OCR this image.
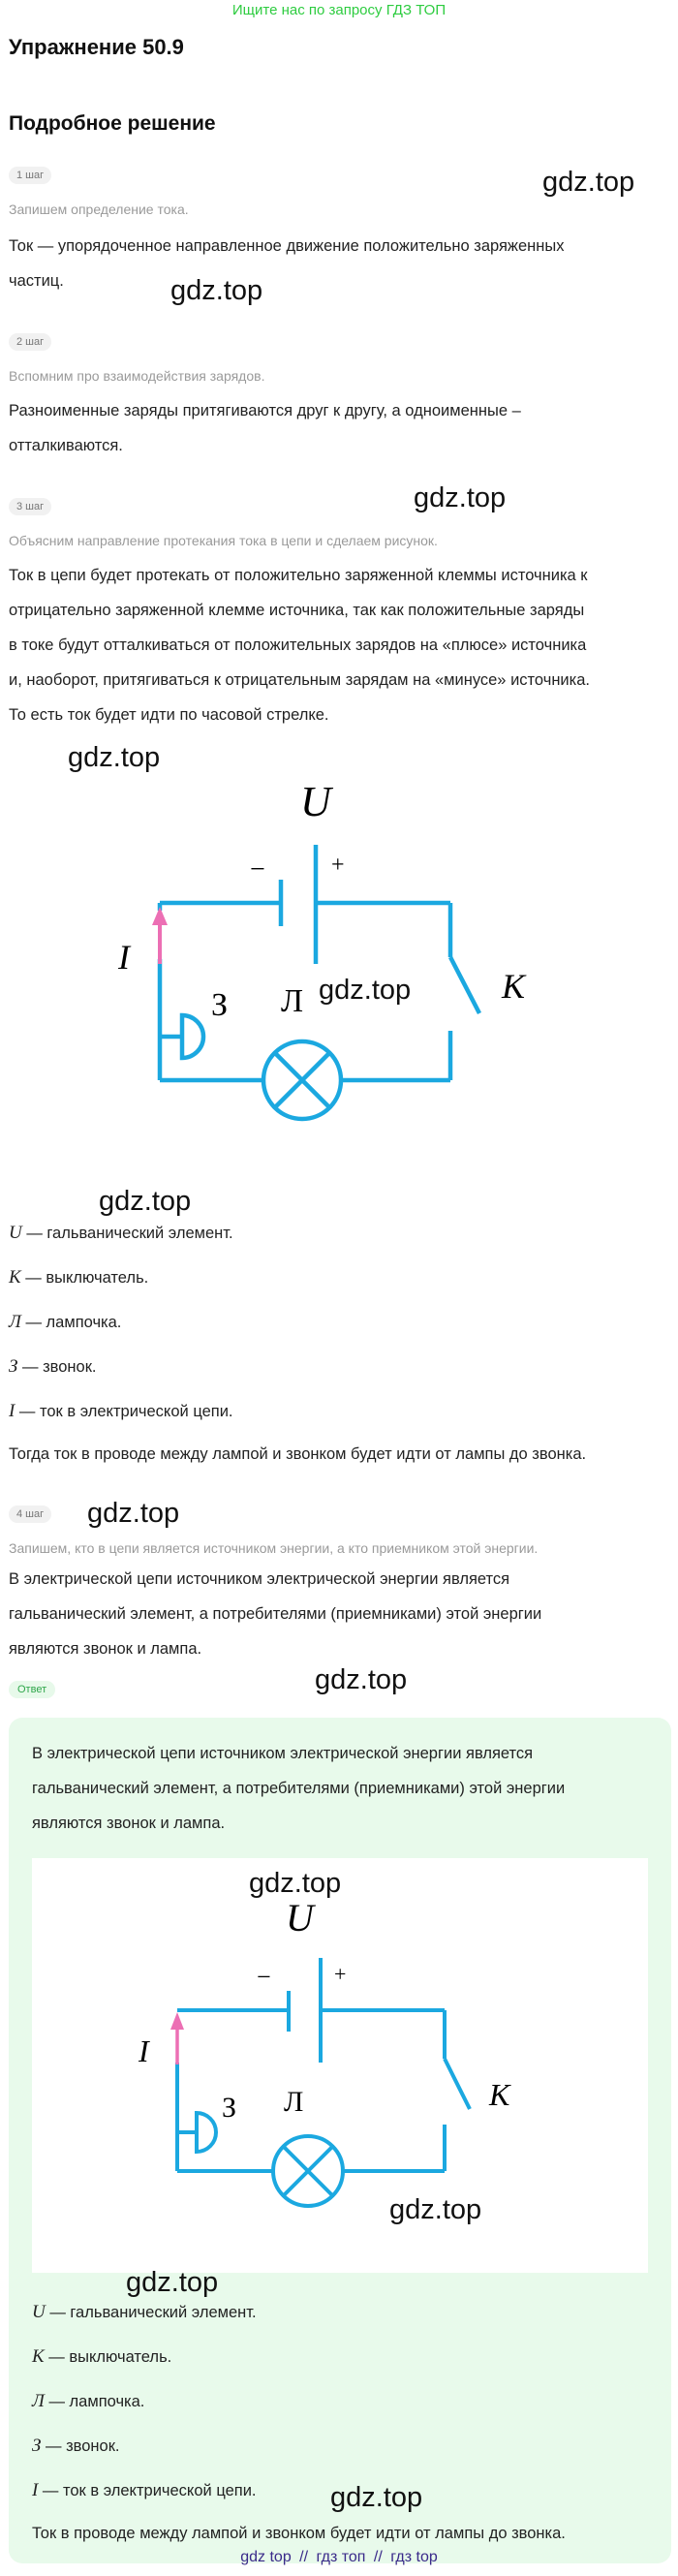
Ищите нас по запросу ГДЗ ТОП
Упражнение 50.9
Подробное решение
1 шаг
Запишем определение тока.
Ток — упорядоченное направленное движение положительно заряженных
частиц.
2 шаг
Вспомним про взаимодействия зарядов.
Разноименные заряды притягиваются друг к другу, а одноименные –
отталкиваются.
3 шаг
Объясним направление протекания тока в цепи и сделаем рисунок.
Ток в цепи будет протекать от положительно заряженной клеммы источника к
отрицательно заряженной клемме источника, так как положительные заряды
в токе будут отталкиваться от положительных зарядов на «плюсе» источника
и, наоборот, притягиваться к отрицательным зарядам на «минусе» источника.
То есть ток будет идти по часовой стрелке.
U
−	+
I
З Л	K
U — гальванический элемент.
K — выключатель.
Л — лампочка.
З — звонок.
I — ток в электрической цепи.
Тогда ток в проводе между лампой и звонком будет идти от лампы до звонка.
4 шаг
Запишем, кто в цепи является источником энергии, а кто приемником этой энергии.
В электрической цепи источником электрической энергии является
гальванический элемент, а потребителями (приемниками) этой энергии
являются звонок и лампа.
Ответ
В электрической цепи источником электрической энергии является
гальванический элемент, а потребителями (приемниками) этой энергии
являются звонок и лампа.
U
−	+
I
З Л	K
U — гальванический элемент.
K — выключатель.
Л — лампочка.
З — звонок.
I — ток в электрической цепи.
Ток в проводе между лампой и звонком будет идти от лампы до звонка.
gdz.top
gdz.top
gdz.top
gdz.top
gdz.top
gdz.top
gdz.top
gdz.top
gdz.top
gdz.top
gdz.top
gdz.top
gdz top // гдз топ // гдз top
